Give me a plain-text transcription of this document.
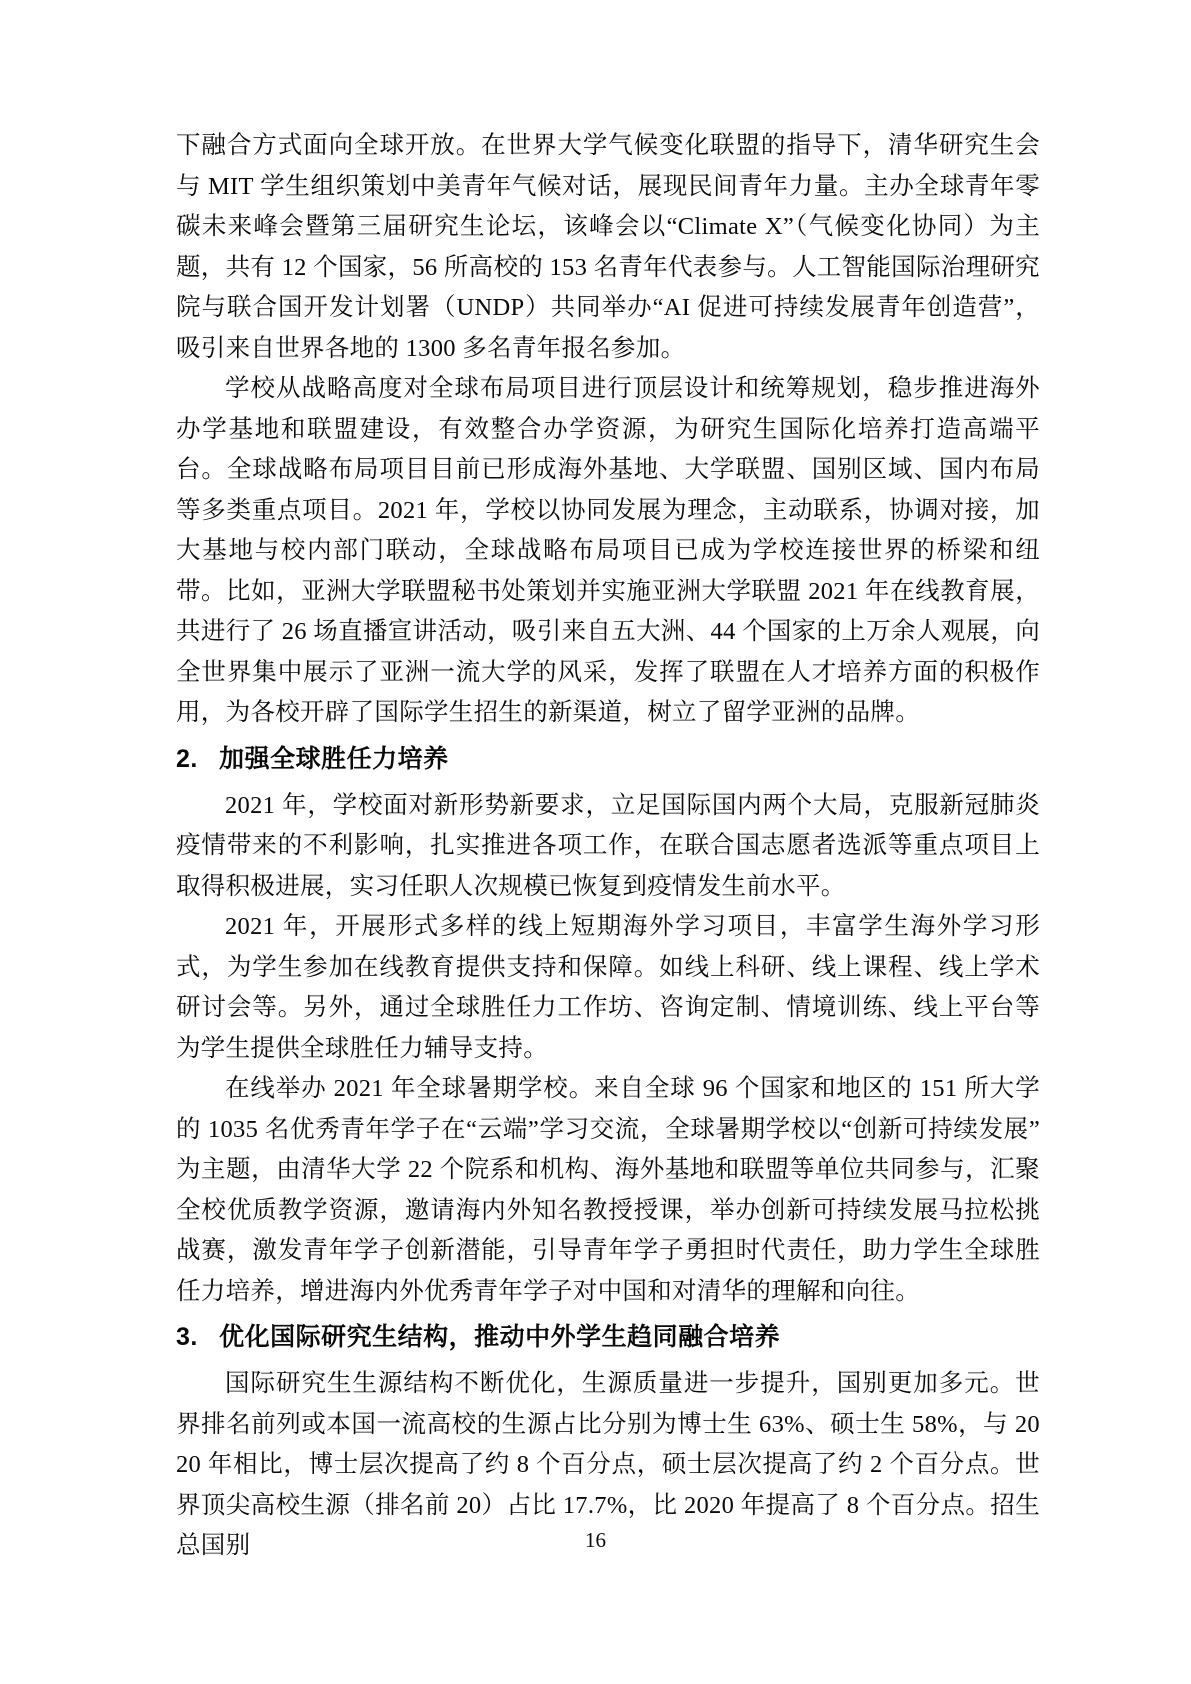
下融合方式面向全球开放。在世界大学气候变化联盟的指导下，清华研究生会与 MIT 学生组织策划中美青年气候对话，展现民间青年力量。主办全球青年零碳未来峰会暨第三届研究生论坛，该峰会以“Climate X”（气候变化协同）为主题，共有 12 个国家，56 所高校的 153 名青年代表参与。人工智能国际治理研究院与联合国开发计划署（UNDP）共同举办“AI 促进可持续发展青年创造营”，吸引来自世界各地的 1300 多名青年报名参加。

学校从战略高度对全球布局项目进行顶层设计和统筹规划，稳步推进海外办学基地和联盟建设，有效整合办学资源，为研究生国际化培养打造高端平台。全球战略布局项目目前已形成海外基地、大学联盟、国别区域、国内布局等多类重点项目。2021 年，学校以协同发展为理念，主动联系，协调对接，加大基地与校内部门联动，全球战略布局项目已成为学校连接世界的桥梁和纽带。比如，亚洲大学联盟秘书处策划并实施亚洲大学联盟 2021 年在线教育展，共进行了 26 场直播宣讲活动，吸引来自五大洲、44 个国家的上万余人观展，向全世界集中展示了亚洲一流大学的风采，发挥了联盟在人才培养方面的积极作用，为各校开辟了国际学生招生的新渠道，树立了留学亚洲的品牌。

2. 加强全球胜任力培养

2021 年，学校面对新形势新要求，立足国际国内两个大局，克服新冠肺炎疫情带来的不利影响，扎实推进各项工作，在联合国志愿者选派等重点项目上取得积极进展，实习任职人次规模已恢复到疫情发生前水平。

2021 年，开展形式多样的线上短期海外学习项目，丰富学生海外学习形式，为学生参加在线教育提供支持和保障。如线上科研、线上课程、线上学术研讨会等。另外，通过全球胜任力工作坊、咨询定制、情境训练、线上平台等为学生提供全球胜任力辅导支持。

在线举办 2021 年全球暑期学校。来自全球 96 个国家和地区的 151 所大学的 1035 名优秀青年学子在“云端”学习交流，全球暑期学校以“创新可持续发展”为主题，由清华大学 22 个院系和机构、海外基地和联盟等单位共同参与，汇聚全校优质教学资源，邀请海内外知名教授授课，举办创新可持续发展马拉松挑战赛，激发青年学子创新潜能，引导青年学子勇担时代责任，助力学生全球胜任力培养，增进海内外优秀青年学子对中国和对清华的理解和向往。

3. 优化国际研究生结构，推动中外学生趋同融合培养

国际研究生生源结构不断优化，生源质量进一步提升，国别更加多元。世界排名前列或本国一流高校的生源占比分别为博士生 63%、硕士生 58%，与 2020 年相比，博士层次提高了约 8 个百分点，硕士层次提高了约 2 个百分点。世界顶尖高校生源（排名前 20）占比 17.7%，比 2020 年提高了 8 个百分点。招生总国别	16
